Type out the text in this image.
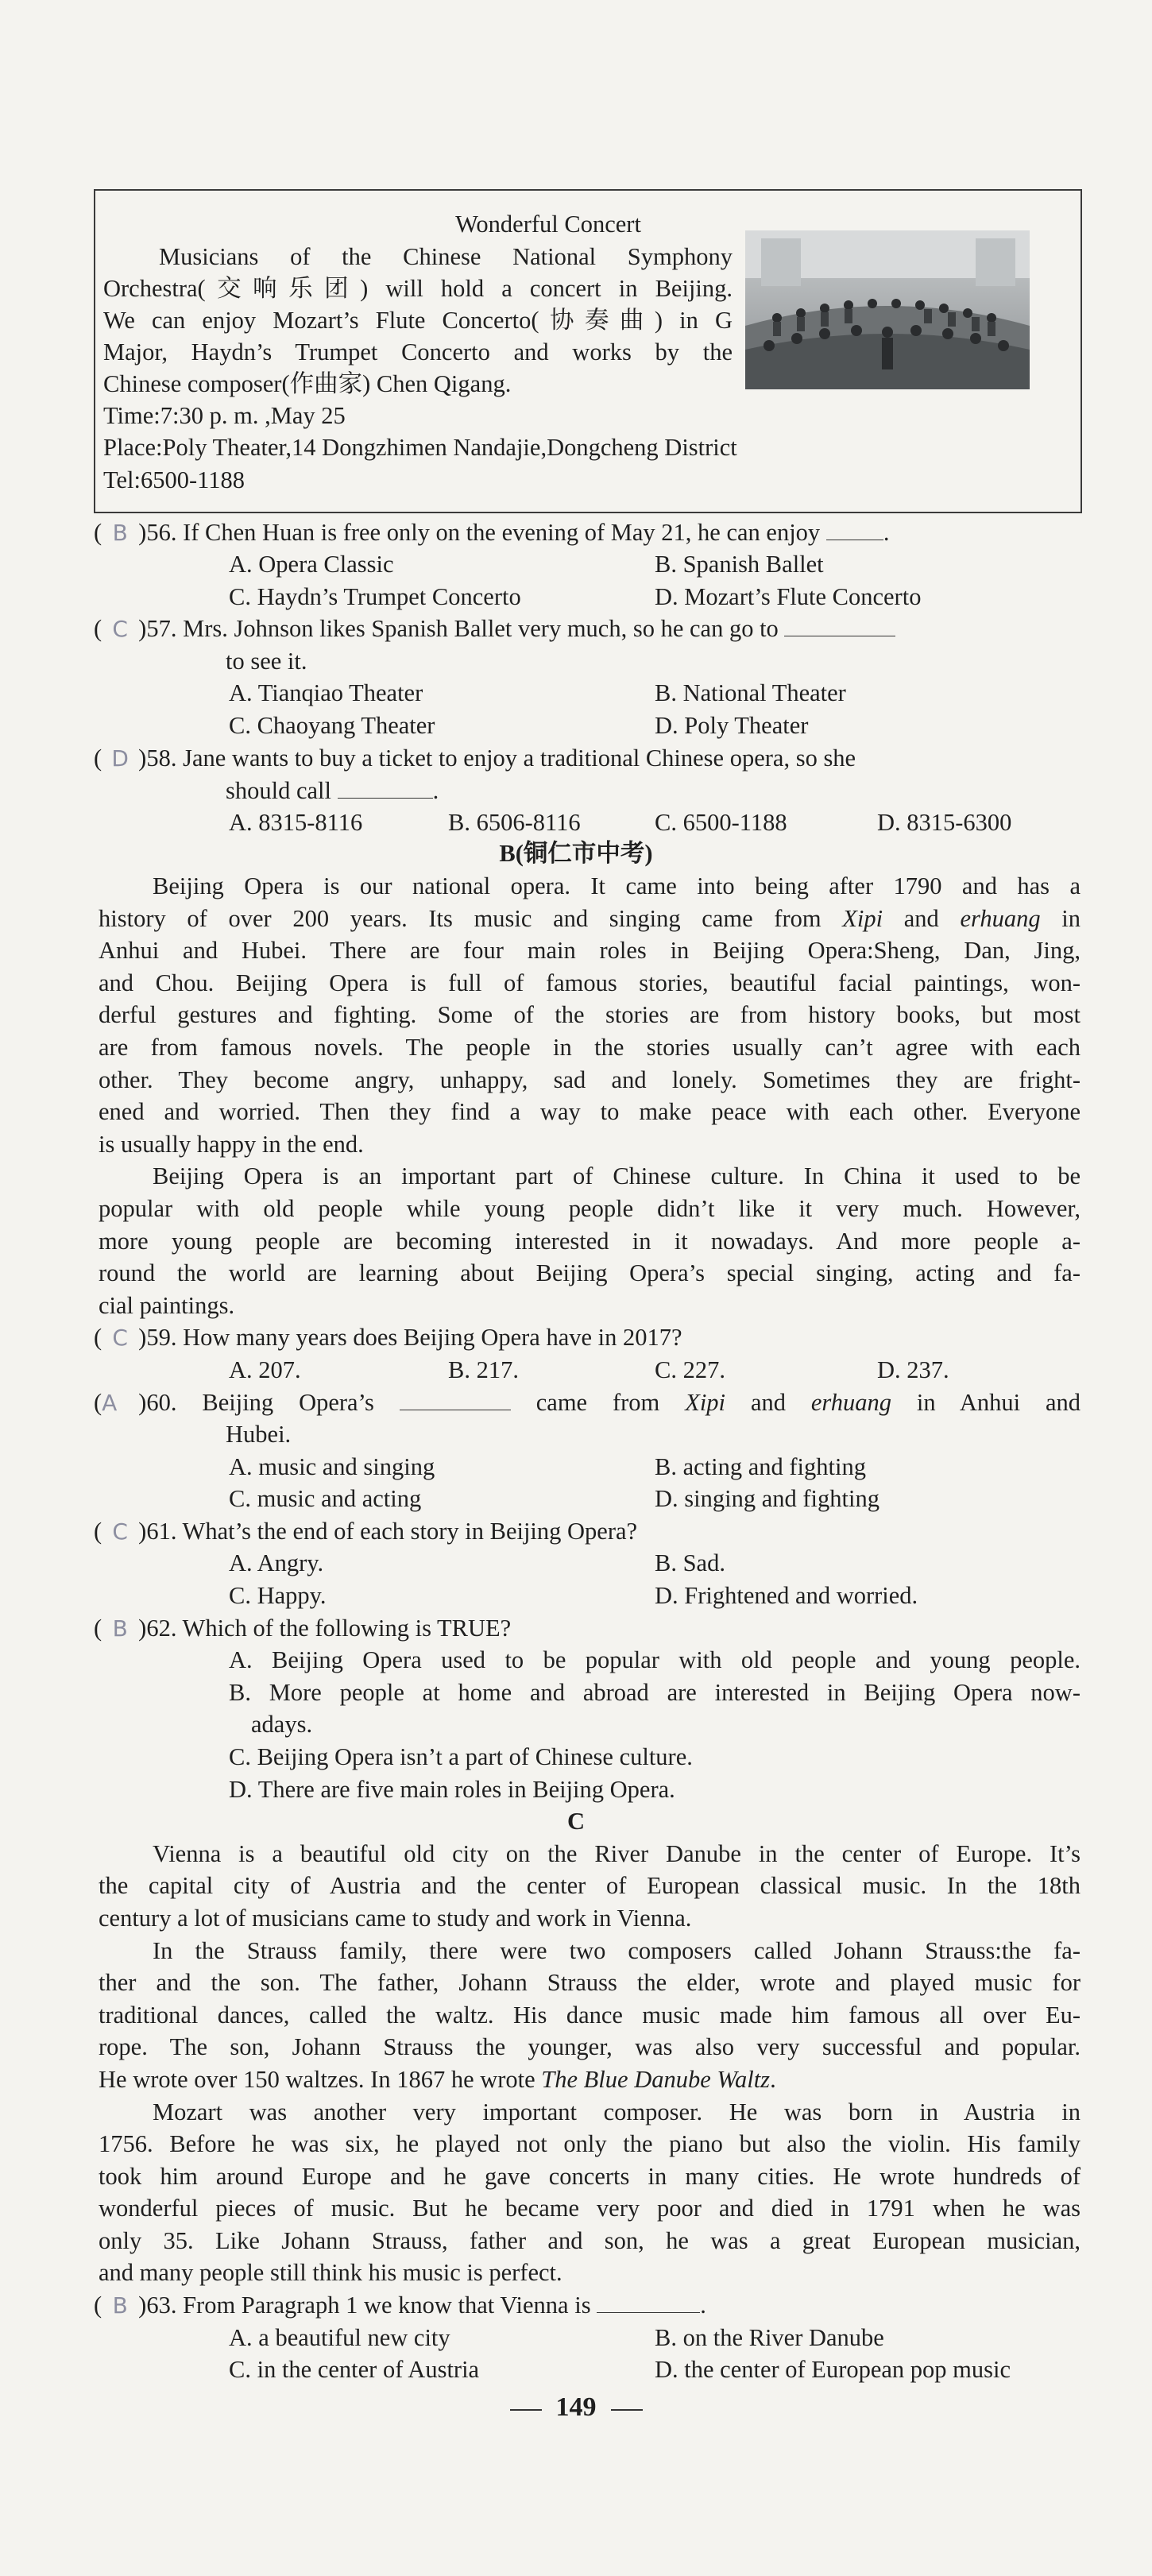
Wonderful Concert
Musicians of the Chinese National Symphony
Orchestra(交响乐团) will hold a concert in Beijing.
We can enjoy Mozart’s Flute Concerto(协奏曲) in G
Major, Haydn’s Trumpet Concerto and works by the
Chinese composer(作曲家) Chen Qigang.
Time:7:30 p. m. ,May 25
Place:Poly Theater,14 Dongzhimen Nandajie,Dongcheng District
Tel:6500-1188
( B )56. If Chen Huan is free only on the evening of May 21, he can enjoy	.
A. Opera Classic	B. Spanish Ballet
C. Haydn’s Trumpet Concerto	D. Mozart’s Flute Concerto
( C )57. Mrs. Johnson likes Spanish Ballet very much, so he can go to
to see it.
A. Tianqiao Theater	B. National Theater
C. Chaoyang Theater	D. Poly Theater
( D )58. Jane wants to buy a ticket to enjoy a traditional Chinese opera, so she
should call	.
A. 8315-8116	B. 6506-8116	C. 6500-1188	D. 8315-6300
B(铜仁市中考)
Beijing Opera is our national opera. It came into being after 1790 and has a
history of over 200 years. Its music and singing came from Xipi and erhuang in
Anhui and Hubei. There are four main roles in Beijing Opera:Sheng, Dan, Jing,
and Chou. Beijing Opera is full of famous stories, beautiful facial paintings, won-
derful gestures and fighting. Some of the stories are from history books, but most
are from famous novels. The people in the stories usually can’t agree with each
other. They become angry, unhappy, sad and lonely. Sometimes they are fright-
ened and worried. Then they find a way to make peace with each other. Everyone
is usually happy in the end.
Beijing Opera is an important part of Chinese culture. In China it used to be
popular with old people while young people didn’t like it very much. However,
more young people are becoming interested in it nowadays. And more people a-
round the world are learning about Beijing Opera’s special singing, acting and fa-
cial paintings.
( C )59. How many years does Beijing Opera have in 2017?
A. 207.	B. 217.	C. 227.	D. 237.
(A )60. Beijing Opera’s	came from Xipi and erhuang in Anhui and
Hubei.
A. music and singing	B. acting and fighting
C. music and acting	D. singing and fighting
( C )61. What’s the end of each story in Beijing Opera?
A. Angry.	B. Sad.
C. Happy.	D. Frightened and worried.
( B )62. Which of the following is TRUE?
A. Beijing Opera used to be popular with old people and young people.
B. More people at home and abroad are interested in Beijing Opera now-
adays.
C. Beijing Opera isn’t a part of Chinese culture.
D. There are five main roles in Beijing Opera.
C
Vienna is a beautiful old city on the River Danube in the center of Europe. It’s
the capital city of Austria and the center of European classical music. In the 18th
century a lot of musicians came to study and work in Vienna.
In the Strauss family, there were two composers called Johann Strauss:the fa-
ther and the son. The father, Johann Strauss the elder, wrote and played music for
traditional dances, called the waltz. His dance music made him famous all over Eu-
rope. The son, Johann Strauss the younger, was also very successful and popular.
He wrote over 150 waltzes. In 1867 he wrote The Blue Danube Waltz.
Mozart was another very important composer. He was born in Austria in
1756. Before he was six, he played not only the piano but also the violin. His family
took him around Europe and he gave concerts in many cities. He wrote hundreds of
wonderful pieces of music. But he became very poor and died in 1791 when he was
only 35. Like Johann Strauss, father and son, he was a great European musician,
and many people still think his music is perfect.
( B )63. From Paragraph 1 we know that Vienna is	.
A. a beautiful new city	B. on the River Danube
C. in the center of Austria	D. the center of European pop music
149
